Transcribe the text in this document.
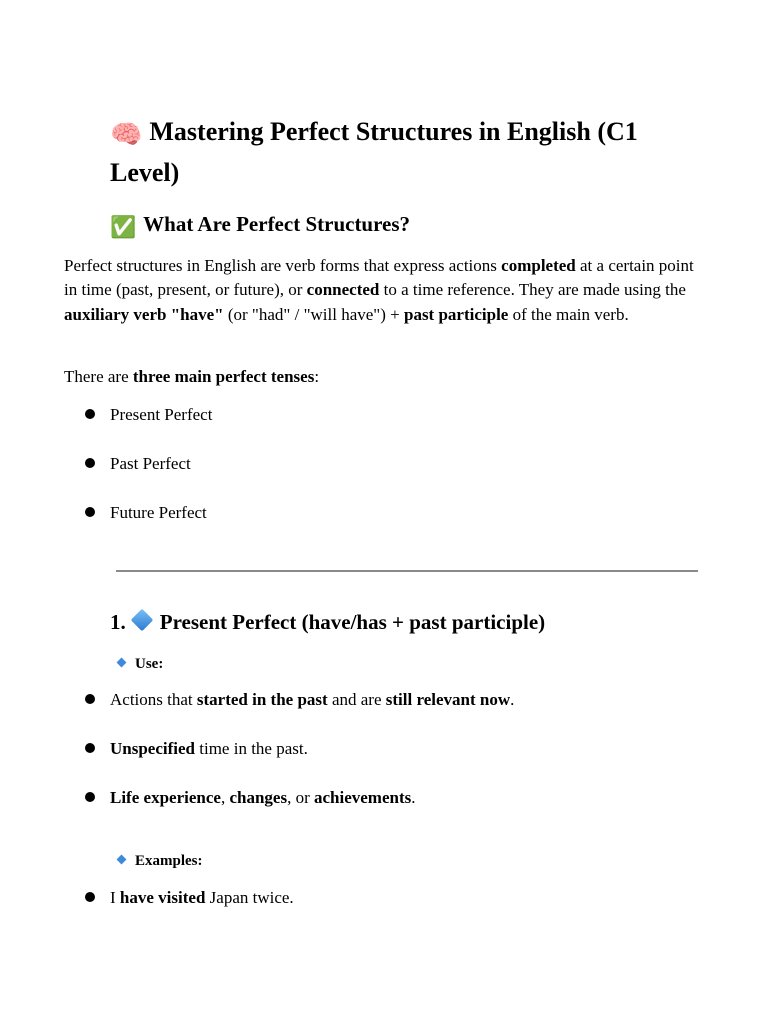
🧠 Mastering Perfect Structures in English (C1 Level)
✅ What Are Perfect Structures?

Perfect structures in English are verb forms that express actions completed at a certain point in time (past, present, or future), or connected to a time reference. They are made using the auxiliary verb "have" (or "had" / "will have") + past participle of the main verb.

There are three main perfect tenses:

Present Perfect
Past Perfect
Future Perfect
1. Present Perfect (have/has + past participle)
Use:
Actions that started in the past and are still relevant now.
Unspecified time in the past.
Life experience, changes, or achievements.
Examples:
I have visited Japan twice.
